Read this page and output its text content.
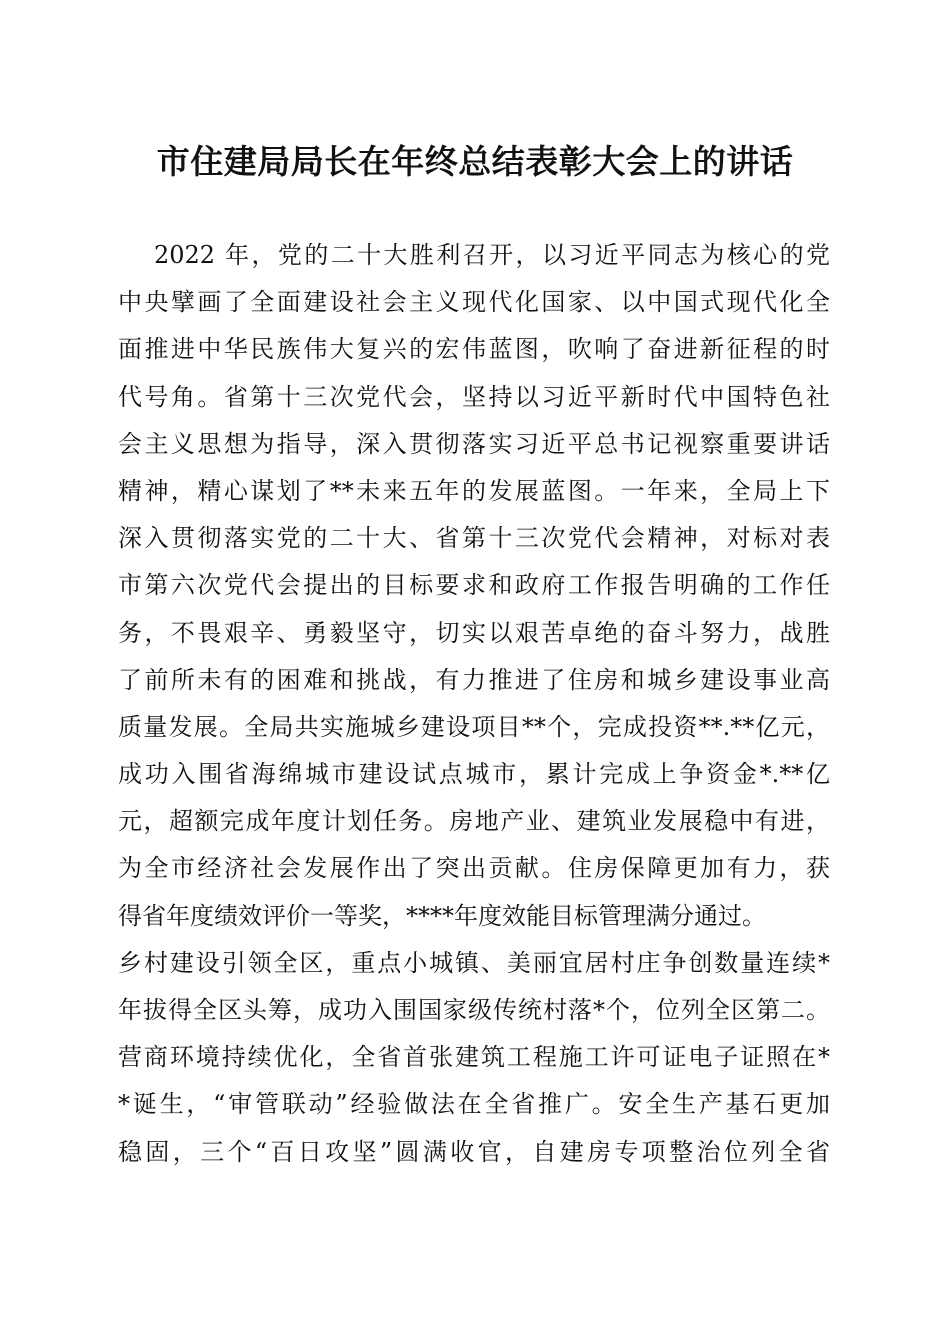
市住建局局长在年终总结表彰大会上的讲话
2022 年，党的二十大胜利召开，以习近平同志为核心的党
中央擘画了全面建设社会主义现代化国家、以中国式现代化全
面推进中华民族伟大复兴的宏伟蓝图，吹响了奋进新征程的时
代号角。省第十三次党代会，坚持以习近平新时代中国特色社
会主义思想为指导，深入贯彻落实习近平总书记视察重要讲话
精神，精心谋划了**未来五年的发展蓝图。一年来，全局上下
深入贯彻落实党的二十大、省第十三次党代会精神，对标对表
市第六次党代会提出的目标要求和政府工作报告明确的工作任
务，不畏艰辛、勇毅坚守，切实以艰苦卓绝的奋斗努力，战胜
了前所未有的困难和挑战，有力推进了住房和城乡建设事业高
质量发展。全局共实施城乡建设项目**个，完成投资**.**亿元，
成功入围省海绵城市建设试点城市，累计完成上争资金*.**亿
元，超额完成年度计划任务。房地产业、建筑业发展稳中有进，
为全市经济社会发展作出了突出贡献。住房保障更加有力，获
得省年度绩效评价一等奖，****年度效能目标管理满分通过。
乡村建设引领全区，重点小城镇、美丽宜居村庄争创数量连续*
年拔得全区头筹，成功入围国家级传统村落*个，位列全区第二。
营商环境持续优化，全省首张建筑工程施工许可证电子证照在*
*诞生，“审管联动”经验做法在全省推广。安全生产基石更加
稳固，三个“百日攻坚”圆满收官，自建房专项整治位列全省
